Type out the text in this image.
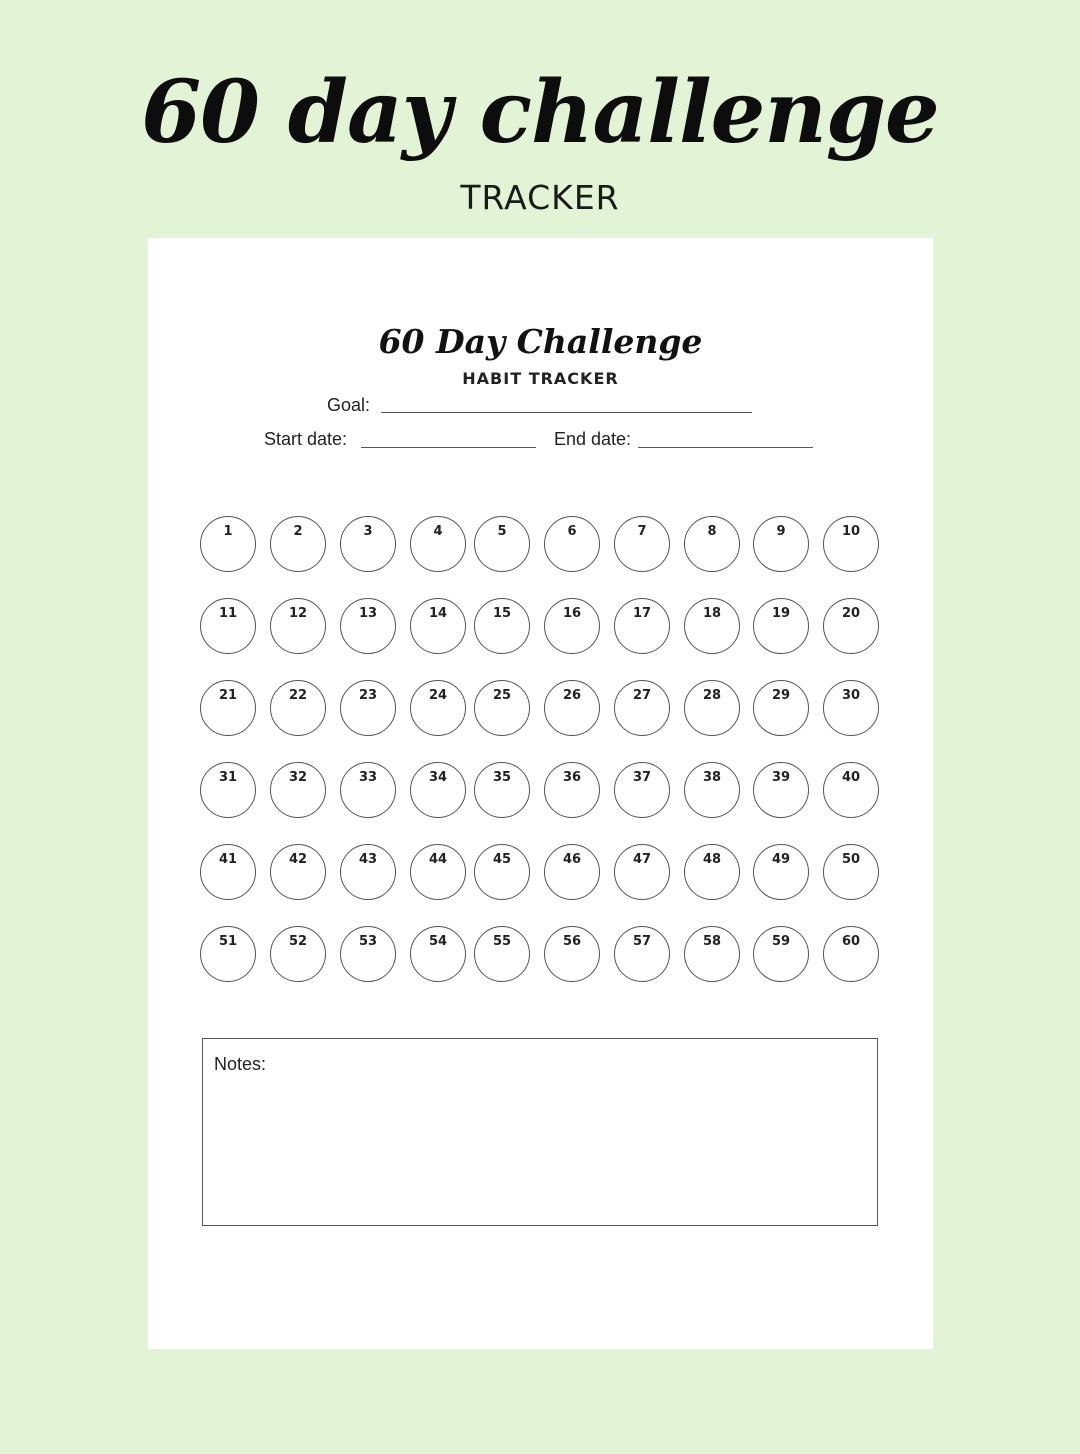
60 day challenge
TRACKER
60 Day Challenge
HABIT TRACKER
Goal:
Start date:	End date:
1	2	3	4	5	6	7	8	9	10
11	12	13	14	15	16	17	18	19	20
21	22	23	24	25	26	27	28	29	30
31	32	33	34	35	36	37	38	39	40
41	42	43	44	45	46	47	48	49	50
51	52	53	54	55	56	57	58	59	60
Notes:
